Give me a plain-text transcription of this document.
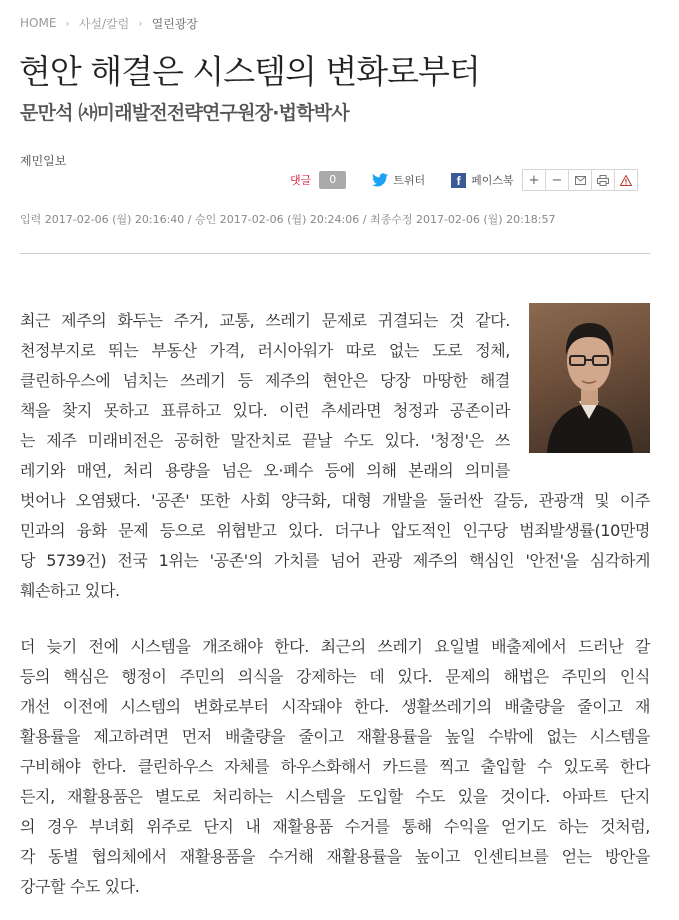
HOME › 사설/칼럼 › 열린광장
현안 해결은 시스템의 변화로부터
문만석 ㈔미래발전전략연구원장·법학박사
제민일보
댓글	0	트위터	f 페이스북 + −
입력 2017-02-06 (월) 20:16:40 / 승인 2017-02-06 (월) 20:24:06 / 최종수정 2017-02-06 (월) 20:18:57
최근 제주의 화두는 주거, 교통, 쓰레기 문제로 귀결되는 것 같다.
천정부지로 뛰는 부동산 가격, 러시아워가 따로 없는 도로 정체,
클린하우스에 넘치는 쓰레기 등 제주의 현안은 당장 마땅한 해결
책을 찾지 못하고 표류하고 있다. 이런 추세라면 청정과 공존이라
는 제주 미래비전은 공허한 말잔치로 끝날 수도 있다. '청정'은 쓰
레기와 매연, 처리 용량을 넘은 오·폐수 등에 의해 본래의 의미를
벗어나 오염됐다. '공존' 또한 사회 양극화, 대형 개발을 둘러싼 갈등, 관광객 및 이주
민과의 융화 문제 등으로 위협받고 있다. 더구나 압도적인 인구당 범죄발생률(10만명
당 5739건) 전국 1위는 '공존'의 가치를 넘어 관광 제주의 핵심인 '안전'을 심각하게
훼손하고 있다.
더 늦기 전에 시스템을 개조해야 한다. 최근의 쓰레기 요일별 배출제에서 드러난 갈
등의 핵심은 행정이 주민의 의식을 강제하는 데 있다. 문제의 해법은 주민의 인식
개선 이전에 시스템의 변화로부터 시작돼야 한다. 생활쓰레기의 배출량을 줄이고 재
활용률을 제고하려면 먼저 배출량을 줄이고 재활용률을 높일 수밖에 없는 시스템을
구비해야 한다. 클린하우스 자체를 하우스화해서 카드를 찍고 출입할 수 있도록 한다
든지, 재활용품은 별도로 처리하는 시스템을 도입할 수도 있을 것이다. 아파트 단지
의 경우 부녀회 위주로 단지 내 재활용품 수거를 통해 수익을 얻기도 하는 것처럼,
각 동별 협의체에서 재활용품을 수거해 재활용률을 높이고 인센티브를 얻는 방안을
강구할 수도 있다.
